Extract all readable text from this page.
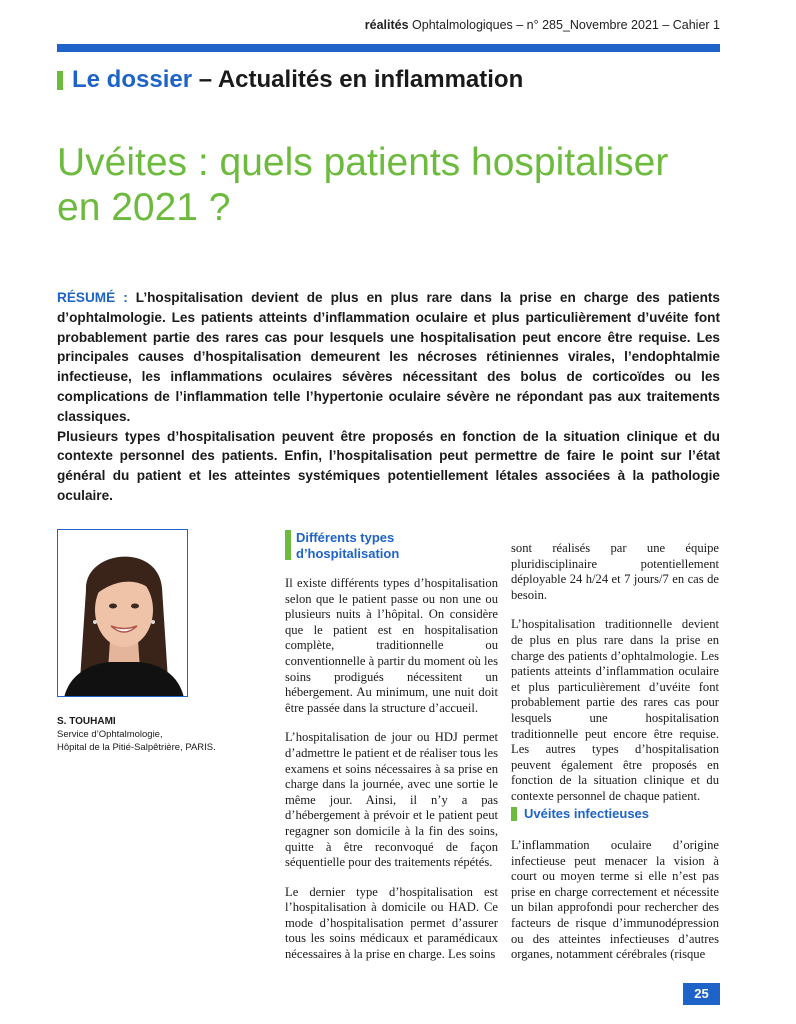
réalités Ophtalmologiques – n° 285_Novembre 2021 – Cahier 1
Le dossier – Actualités en inflammation
Uvéites : quels patients hospitaliser
en 2021 ?

RÉSUMÉ : L’hospitalisation devient de plus en plus rare dans la prise en charge des patients d’ophtalmologie. Les patients atteints d’inflammation oculaire et plus particulièrement d’uvéite font probablement partie des rares cas pour lesquels une hospitalisation peut encore être requise. Les principales causes d’hospitalisation demeurent les nécroses rétiniennes virales, l’endophtalmie infectieuse, les inflammations oculaires sévères nécessitant des bolus de corticoïdes ou les complications de l’inflammation telle l’hypertonie oculaire sévère ne répondant pas aux traitements classiques.

Plusieurs types d’hospitalisation peuvent être proposés en fonction de la situation clinique et du contexte personnel des patients. Enfin, l’hospitalisation peut permettre de faire le point sur l’état général du patient et les atteintes systémiques potentiellement létales associées à la pathologie oculaire.

S. TOUHAMI
Service d’Ophtalmologie,
Hôpital de la Pitié-Salpêtrière, PARIS.
Différents types
d’hospitalisation

Il existe différents types d’hospitalisation selon que le patient passe ou non une ou plusieurs nuits à l’hôpital. On considère que le patient est en hospitalisation complète, traditionnelle ou conventionnelle à partir du moment où les soins prodigués nécessitent un hébergement. Au minimum, une nuit doit être passée dans la structure d’accueil.

L’hospitalisation de jour ou HDJ permet d’admettre le patient et de réaliser tous les examens et soins nécessaires à sa prise en charge dans la journée, avec une sortie le même jour. Ainsi, il n’y a pas d’hébergement à prévoir et le patient peut regagner son domicile à la fin des soins, quitte à être reconvoqué de façon séquentielle pour des traitements répétés.

Le dernier type d’hospitalisation est l’hospitalisation à domicile ou HAD. Ce mode d’hospitalisation permet d’assurer tous les soins médicaux et paramédicaux nécessaires à la prise en charge. Les soins

sont réalisés par une équipe pluridisciplinaire potentiellement déployable 24 h/24 et 7 jours/7 en cas de besoin.

L’hospitalisation traditionnelle devient de plus en plus rare dans la prise en charge des patients d’ophtalmologie. Les patients atteints d’inflammation oculaire et plus particulièrement d’uvéite font probablement partie des rares cas pour lesquels une hospitalisation traditionnelle peut encore être requise. Les autres types d’hospitalisation peuvent également être proposés en fonction de la situation clinique et du contexte personnel de chaque patient.

Uvéites infectieuses

L’inflammation oculaire d’origine infectieuse peut menacer la vision à court ou moyen terme si elle n’est pas prise en charge correctement et nécessite un bilan approfondi pour rechercher des facteurs de risque d’immunodépression ou des atteintes infectieuses d’autres organes, notamment cérébrales (risque

25
